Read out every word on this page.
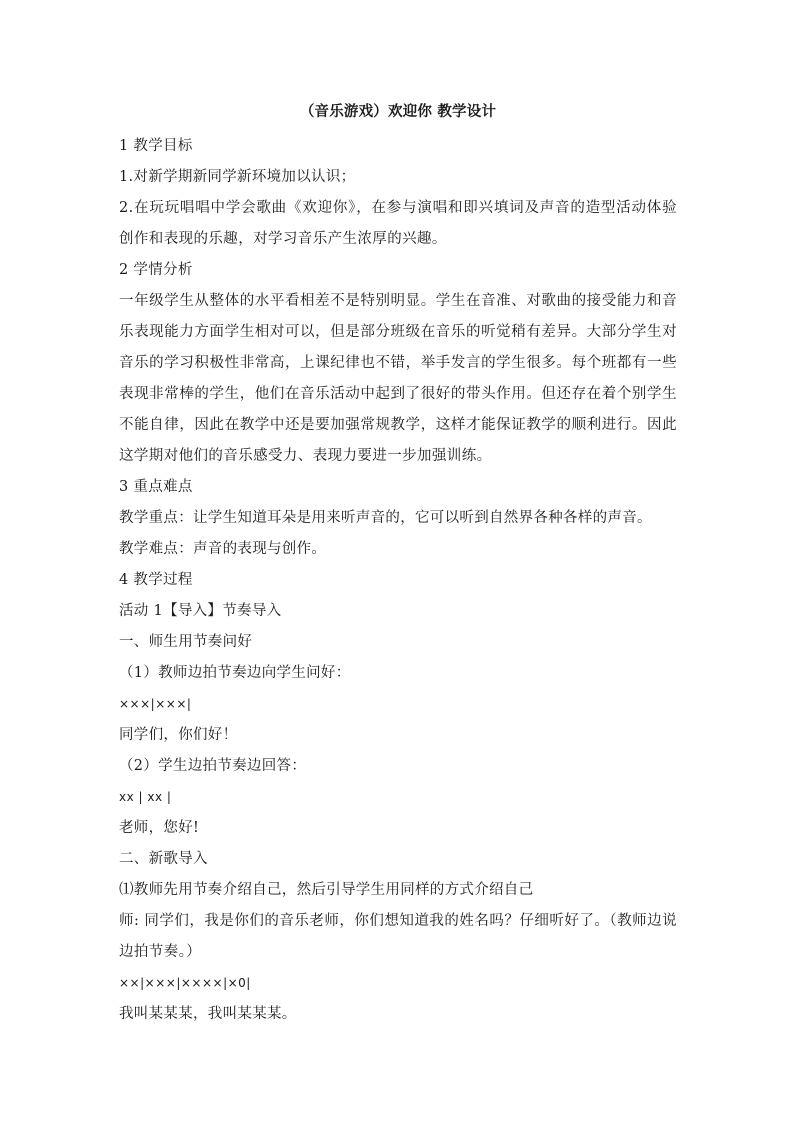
（音乐游戏）欢迎你 教学设计

1 教学目标

1.对新学期新同学新环境加以认识；

2.在玩玩唱唱中学会歌曲《欢迎你》，在参与演唱和即兴填词及声音的造型活动体验创作和表现的乐趣，对学习音乐产生浓厚的兴趣。

2 学情分析

一年级学生从整体的水平看相差不是特别明显。学生在音准、对歌曲的接受能力和音乐表现能力方面学生相对可以，但是部分班级在音乐的听觉稍有差异。大部分学生对音乐的学习积极性非常高，上课纪律也不错，举手发言的学生很多。每个班都有一些表现非常棒的学生，他们在音乐活动中起到了很好的带头作用。但还存在着个别学生不能自律，因此在教学中还是要加强常规教学，这样才能保证教学的顺利进行。因此这学期对他们的音乐感受力、表现力要进一步加强训练。

3 重点难点

教学重点：让学生知道耳朵是用来听声音的，它可以听到自然界各种各样的声音。

教学难点：声音的表现与创作。

4 教学过程

活动 1【导入】节奏导入

一、师生用节奏问好

（1）教师边拍节奏边向学生问好：

×××|×××|

同学们，你们好！

（2）学生边拍节奏边回答：

xx | xx |

老师，您好!

二、新歌导入

⑴教师先用节奏介绍自己，然后引导学生用同样的方式介绍自己

师: 同学们，我是你们的音乐老师，你们想知道我的姓名吗？仔细听好了。（教师边说边拍节奏。）

××|×××|××××|×0|

我叫某某某，我叫某某某。
